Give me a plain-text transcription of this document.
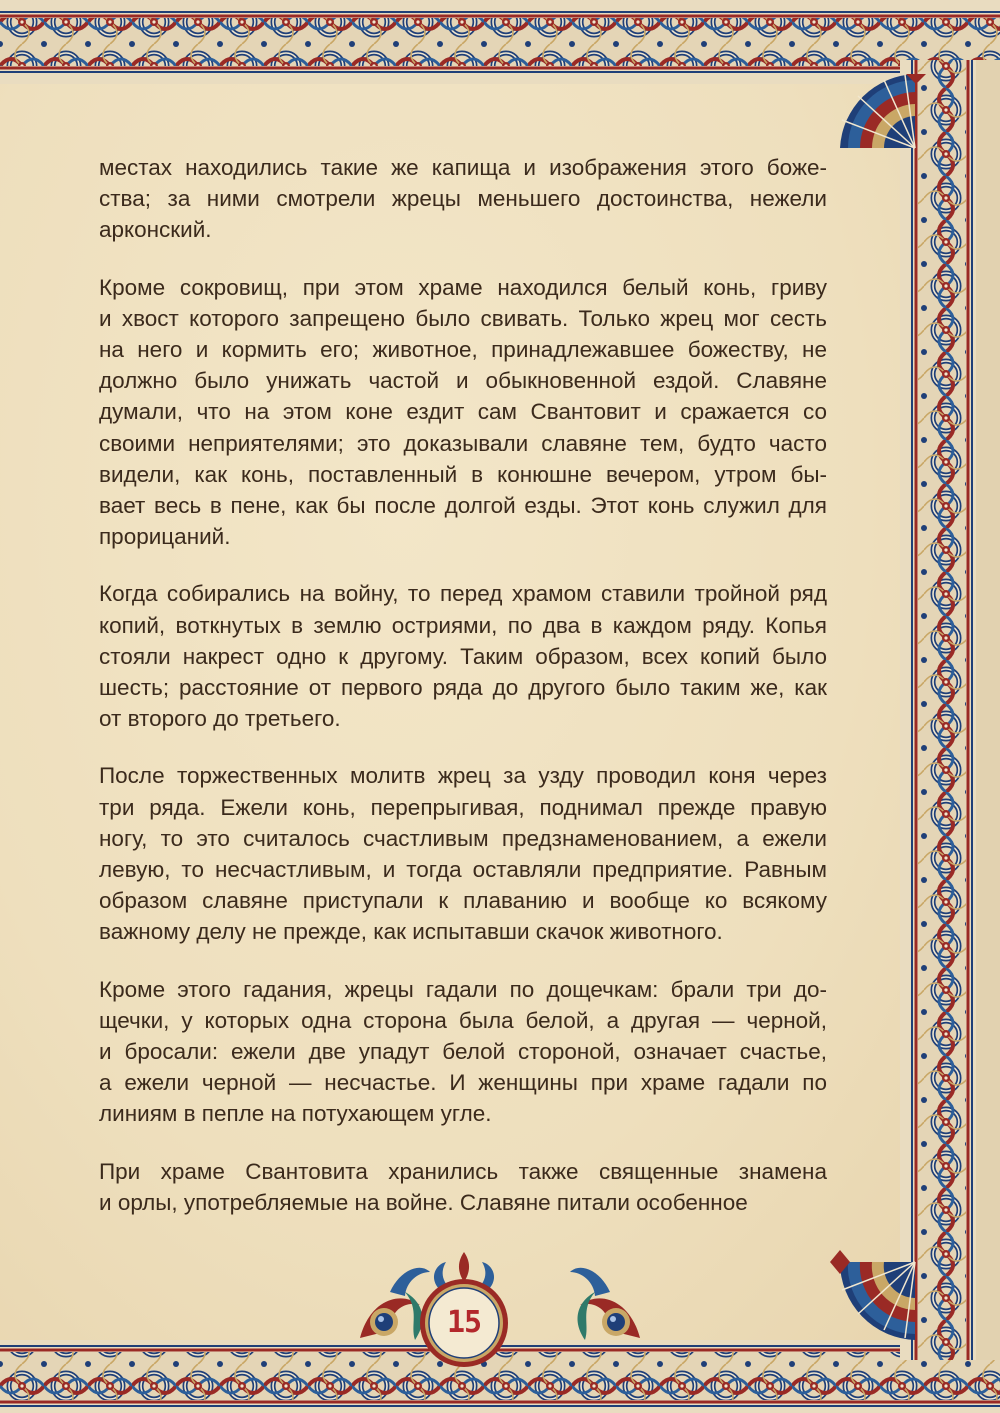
местах находились такие же капища и изображения этого боже-
ства; за ними смотрели жрецы меньшего достоинства, нежели
арконский.

Кроме сокровищ, при этом храме находился белый конь, гриву
и хвост которого запрещено было свивать. Только жрец мог сесть
на него и кормить его; животное, принадлежавшее божеству, не
должно было унижать частой и обыкновенной ездой. Славяне
думали, что на этом коне ездит сам Свантовит и сражается со
своими неприятелями; это доказывали славяне тем, будто часто
видели, как конь, поставленный в конюшне вечером, утром бы-
вает весь в пене, как бы после долгой езды. Этот конь служил для
прорицаний.

Когда собирались на войну, то перед храмом ставили тройной ряд
копий, воткнутых в землю остриями, по два в каждом ряду. Копья
стояли накрест одно к другому. Таким образом, всех копий было
шесть; расстояние от первого ряда до другого было таким же, как
от второго до третьего.

После торжественных молитв жрец за узду проводил коня через
три ряда. Ежели конь, перепрыгивая, поднимал прежде правую
ногу, то это считалось счастливым предзнаменованием, а ежели
левую, то несчастливым, и тогда оставляли предприятие. Равным
образом славяне приступали к плаванию и вообще ко всякому
важному делу не прежде, как испытавши скачок животного.

Кроме этого гадания, жрецы гадали по дощечкам: брали три до-
щечки, у которых одна сторона была белой, а другая — черной,
и бросали: ежели две упадут белой стороной, означает счастье,
а ежели черной — несчастье. И женщины при храме гадали по
линиям в пепле на потухающем угле.

При храме Свантовита хранились также священные знамена
и орлы, употребляемые на войне. Славяне питали особенное

15
